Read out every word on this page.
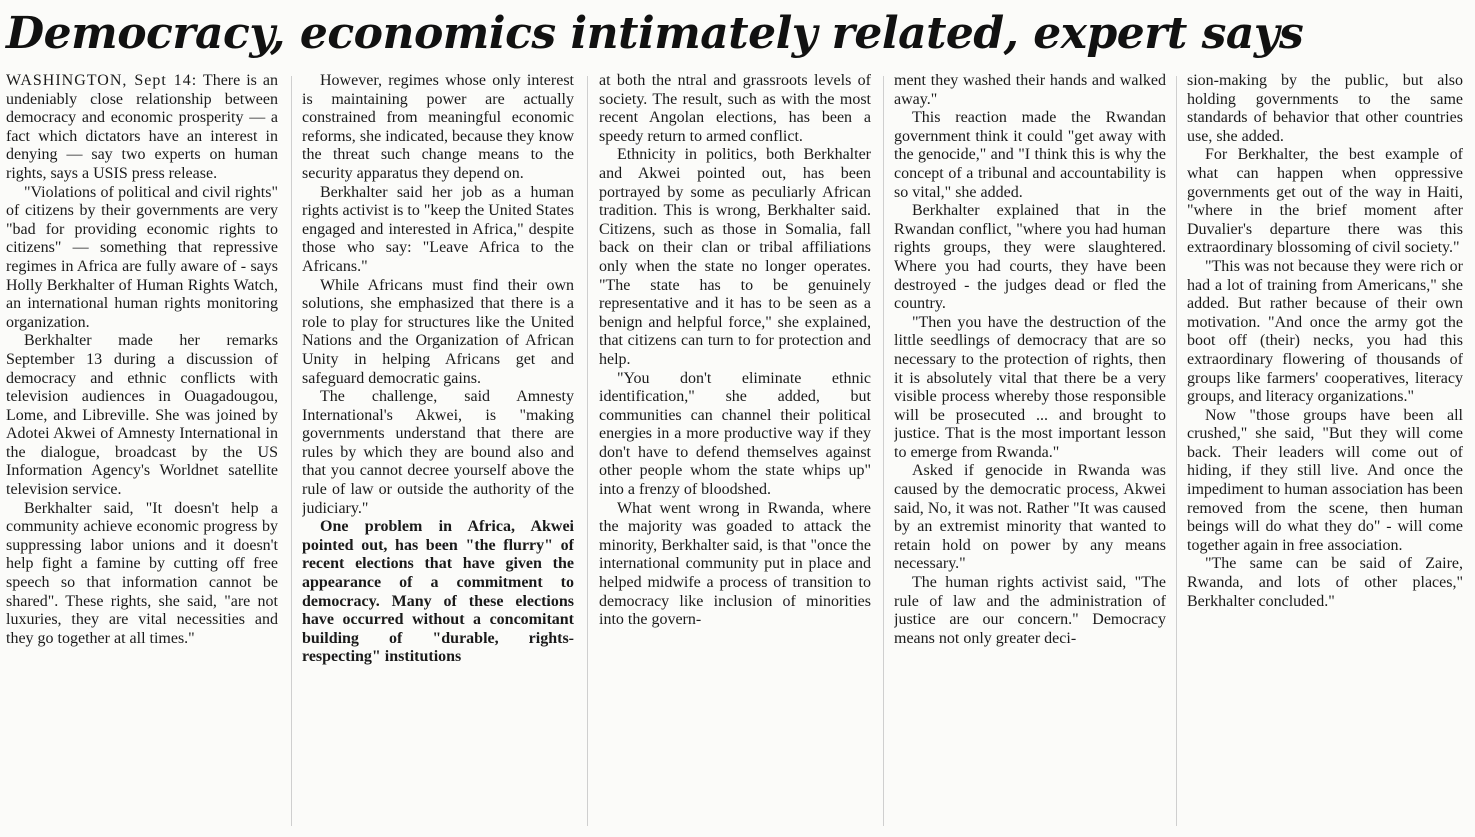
Democracy, economics intimately related, expert says

WASHINGTON, Sept 14: There is an undeniably close relationship between democracy and economic prosperity — a fact which dictators have an interest in denying — say two experts on human rights, says a USIS press release.

"Violations of political and civil rights" of citizens by their governments are very "bad for providing economic rights to citizens" — something that repressive regimes in Africa are fully aware of - says Holly Berkhalter of Human Rights Watch, an international human rights monitoring organization.

Berkhalter made her remarks September 13 during a discussion of democracy and ethnic conflicts with television audiences in Ouagadougou, Lome, and Libreville. She was joined by Adotei Akwei of Amnesty International in the dialogue, broadcast by the US Information Agency's Worldnet satellite television service.

Berkhalter said, "It doesn't help a community achieve economic progress by suppressing labor unions and it doesn't help fight a famine by cutting off free speech so that information cannot be shared". These rights, she said, "are not luxuries, they are vital necessities and they go together at all times."

However, regimes whose only interest is maintaining power are actually constrained from meaningful economic reforms, she indicated, because they know the threat such change means to the security apparatus they depend on.

Berkhalter said her job as a human rights activist is to "keep the United States engaged and interested in Africa," despite those who say: "Leave Africa to the Africans."

While Africans must find their own solutions, she emphasized that there is a role to play for structures like the United Nations and the Organization of African Unity in helping Africans get and safeguard democratic gains.

The challenge, said Amnesty International's Akwei, is "making governments understand that there are rules by which they are bound also and that you cannot decree yourself above the rule of law or outside the authority of the judiciary."

One problem in Africa, Akwei pointed out, has been "the flurry" of recent elections that have given the appearance of a commitment to democracy. Many of these elections have occurred without a concomitant building of "durable, rights-respecting" institutions

at both the ntral and grassroots levels of society. The result, such as with the most recent Angolan elections, has been a speedy return to armed conflict.

Ethnicity in politics, both Berkhalter and Akwei pointed out, has been portrayed by some as peculiarly African tradition. This is wrong, Berkhalter said. Citizens, such as those in Somalia, fall back on their clan or tribal affiliations only when the state no longer operates. "The state has to be genuinely representative and it has to be seen as a benign and helpful force," she explained, that citizens can turn to for protection and help.

"You don't eliminate ethnic identification," she added, but communities can channel their political energies in a more productive way if they don't have to defend themselves against other people whom the state whips up" into a frenzy of bloodshed.

What went wrong in Rwanda, where the majority was goaded to attack the minority, Berkhalter said, is that "once the international community put in place and helped midwife a process of transition to democracy like inclusion of minorities into the govern-

ment they washed their hands and walked away."

This reaction made the Rwandan government think it could "get away with the genocide," and "I think this is why the concept of a tribunal and accountability is so vital," she added.

Berkhalter explained that in the Rwandan conflict, "where you had human rights groups, they were slaughtered. Where you had courts, they have been destroyed - the judges dead or fled the country.

"Then you have the destruction of the little seedlings of democracy that are so necessary to the protection of rights, then it is absolutely vital that there be a very visible process whereby those responsible will be prosecuted ... and brought to justice. That is the most important lesson to emerge from Rwanda."

Asked if genocide in Rwanda was caused by the democratic process, Akwei said, No, it was not. Rather "It was caused by an extremist minority that wanted to retain hold on power by any means necessary."

The human rights activist said, "The rule of law and the administration of justice are our concern." Democracy means not only greater deci-

sion-making by the public, but also holding governments to the same standards of behavior that other countries use, she added.

For Berkhalter, the best example of what can happen when oppressive governments get out of the way in Haiti, "where in the brief moment after Duvalier's departure there was this extraordinary blossoming of civil society."

"This was not because they were rich or had a lot of training from Americans," she added. But rather because of their own motivation. "And once the army got the boot off (their) necks, you had this extraordinary flowering of thousands of groups like farmers' cooperatives, literacy groups, and literacy organizations."

Now "those groups have been all crushed," she said, "But they will come back. Their leaders will come out of hiding, if they still live. And once the impediment to human association has been removed from the scene, then human beings will do what they do" - will come together again in free association.

"The same can be said of Zaire, Rwanda, and lots of other places," Berkhalter concluded."
